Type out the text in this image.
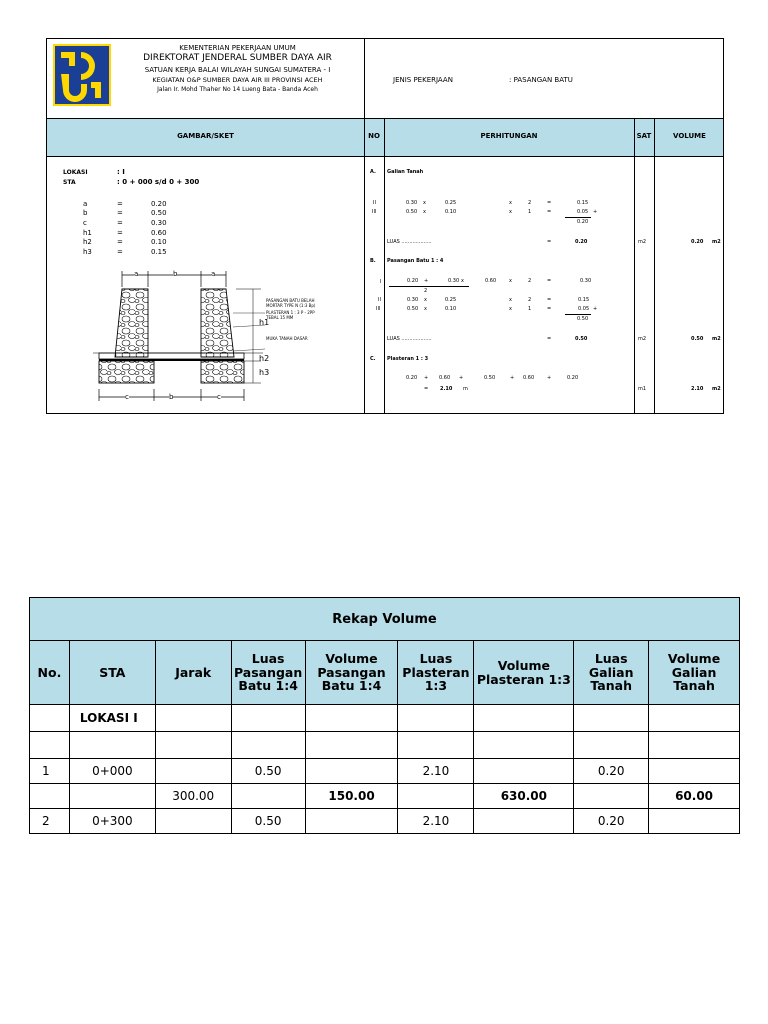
KEMENTERIAN PEKERJAAN UMUM
DIREKTORAT JENDERAL SUMBER DAYA AIR
SATUAN KERJA BALAI WILAYAH SUNGAI SUMATERA - I
KEGIATAN O&P SUMBER DAYA AIR III PROVINSI ACEH
Jalan Ir. Mohd Thaher No 14 Lueng Bata - Banda Aceh
JENIS PEKERJAAN	: PASANGAN BATU
GAMBAR/SKET	NO	PERHITUNGAN	SAT	VOLUME
LOKASI	: I
STA	: 0 + 000 s/d 0 + 300
a	=	0.20
b	=	0.50
c	=	0.30
h1	=	0.60
h2	=	0.10
h3	=	0.15
a	b	a
h1
h2
h3
c	b	c
PASANGAN BATU BELAH
MORTAR TYPE N (1:3 Bp)
PLASTERAN 1 : 3 P - 2PP
TEBAL 15 MM
MUKA TANAH DASAR
A. Galian Tanah
II	0.30 x	0.25	x	2	=	0.15
III	0.50 x	0.10	x	1	=	0.05 +
0.20
LUAS ...................	=	0.20	m2	0.20 m2
B. Pasangan Batu 1 : 4
I	0.20 +	0.30 x	0.60	x	2	=	0.30
2
II	0.30 x	0.25	x	2	=	0.15
III	0.50 x	0.10	x	1	=	0.05 +
0.50
LUAS ...................	=	0.50	m2	0.50 m2
C. Plasteran 1 : 3
0.20 + 0.60 +	0.50	+ 0.60	+	0.20
= 2.10 m	m1	2.10 m2
Rekap Volume								
No.	STA	Jarak	Luas Pasangan Batu 1:4	Volume Pasangan Batu 1:4	Luas Plasteran 1:3	Volume Plasteran 1:3	Luas Galian Tanah	Volume Galian Tanah
	LOKASI I							

1	0+000		0.50		2.10		0.20	
		300.00		150.00		630.00		60.00
2	0+300		0.50		2.10		0.20	
